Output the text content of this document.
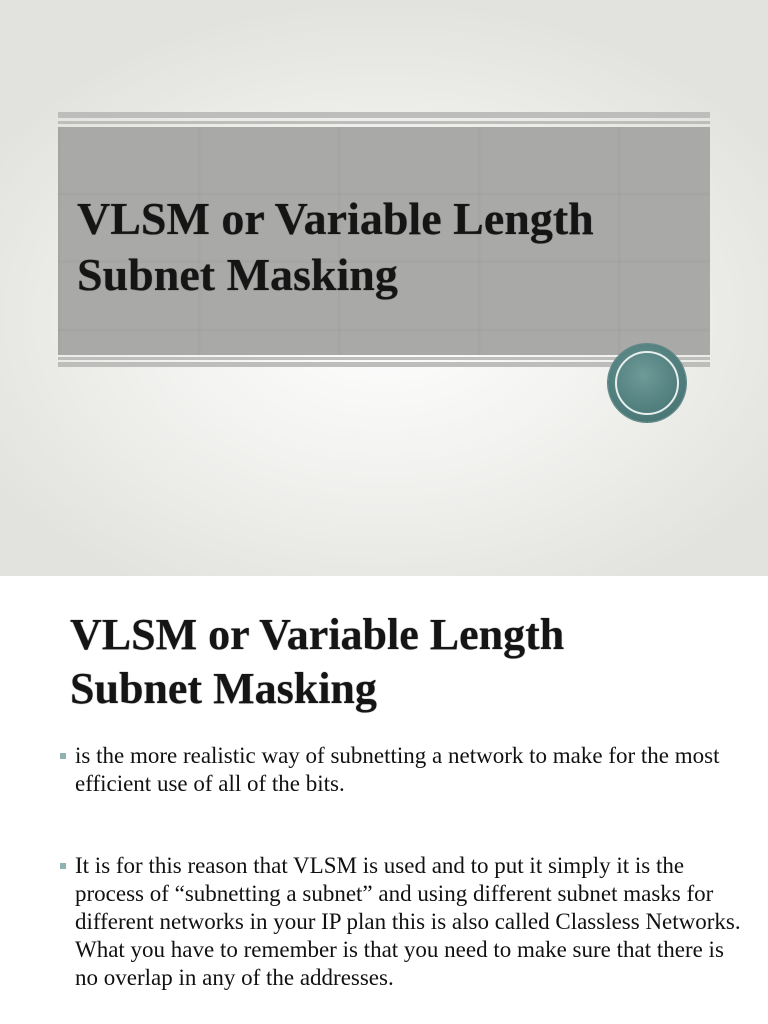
VLSM or Variable Length
Subnet Masking
VLSM or Variable Length
Subnet Masking
is the more realistic way of subnetting a network to make for the most efficient use of all of the bits.
It is for this reason that VLSM is used and to put it simply it is the process of “subnetting a subnet” and using different subnet masks for different networks in your IP plan this is also called Classless Networks. What you have to remember is that you need to make sure that there is no overlap in any of the addresses.
